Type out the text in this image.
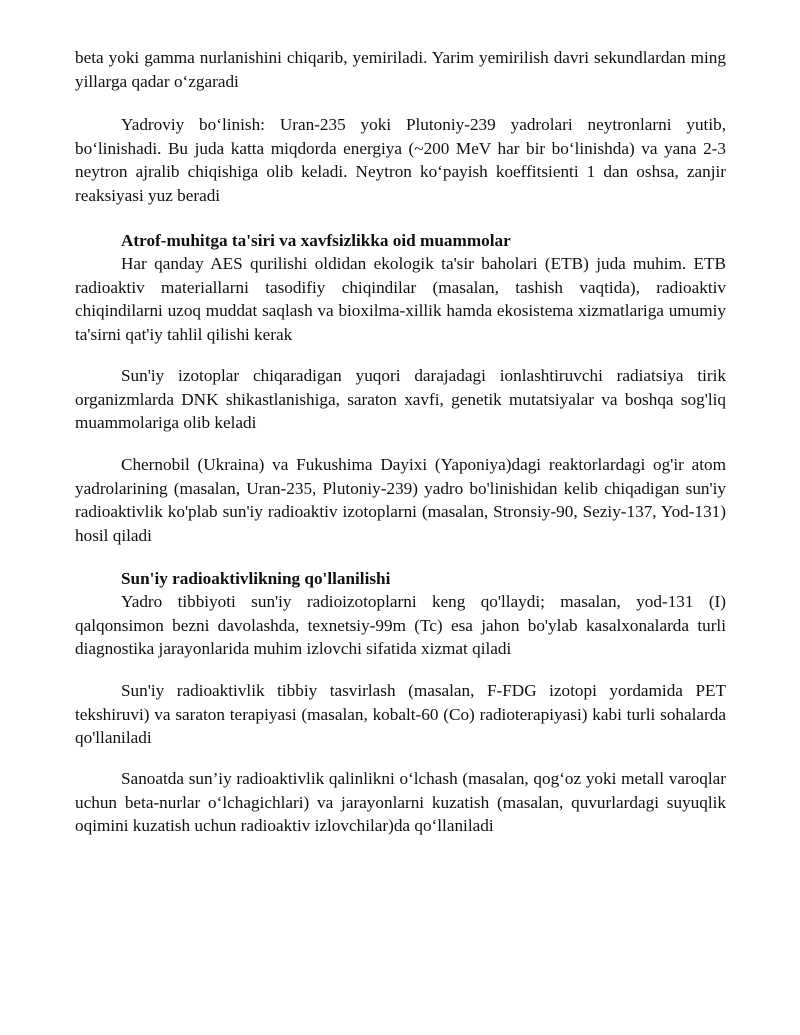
beta yoki gamma nurlanishini chiqarib, yemiriladi. Yarim yemirilish davri sekundlardan ming yillarga qadar o‘zgaradi

Yadroviy bo‘linish: Uran-235 yoki Plutoniy-239 yadrolari neytronlarni yutib, bo‘linishadi. Bu juda katta miqdorda energiya (~200 MeV har bir bo‘linishda) va yana 2-3 neytron ajralib chiqishiga olib keladi. Neytron ko‘payish koeffitsienti 1 dan oshsa, zanjir reaksiyasi yuz beradi

Atrof-muhitga ta'siri va xavfsizlikka oid muammolar

Har qanday AES qurilishi oldidan ekologik ta'sir baholari (ETB) juda muhim. ETB radioaktiv materiallarni tasodifiy chiqindilar (masalan, tashish vaqtida), radioaktiv chiqindilarni uzoq muddat saqlash va bioxilma-xillik hamda ekosistema xizmatlariga umumiy ta'sirni qat'iy tahlil qilishi kerak

Sun'iy izotoplar chiqaradigan yuqori darajadagi ionlashtiruvchi radiatsiya tirik organizmlarda DNK shikastlanishiga, saraton xavfi, genetik mutatsiyalar va boshqa sog'liq muammolariga olib keladi

Chernobil (Ukraina) va Fukushima Dayixi (Yaponiya)dagi reaktorlardagi og'ir atom yadrolarining (masalan, Uran-235, Plutoniy-239) yadro bo'linishidan kelib chiqadigan sun'iy radioaktivlik ko'plab sun'iy radioaktiv izotoplarni (masalan, Stronsiy-90, Seziy-137, Yod-131) hosil qiladi

Sun'iy radioaktivlikning qo'llanilishi

Yadro tibbiyoti sun'iy radioizotoplarni keng qo'llaydi; masalan, yod-131 (I) qalqonsimon bezni davolashda, texnetsiy-99m (Tc) esa jahon bo'ylab kasalxonalarda turli diagnostika jarayonlarida muhim izlovchi sifatida xizmat qiladi

Sun'iy radioaktivlik tibbiy tasvirlash (masalan, F-FDG izotopi yordamida PET tekshiruvi) va saraton terapiyasi (masalan, kobalt-60 (Co) radioterapiyasi) kabi turli sohalarda qo'llaniladi

Sanoatda sun’iy radioaktivlik qalinlikni o‘lchash (masalan, qog‘oz yoki metall varoqlar uchun beta-nurlar o‘lchagichlari) va jarayonlarni kuzatish (masalan, quvurlardagi suyuqlik oqimini kuzatish uchun radioaktiv izlovchilar)da qo‘llaniladi
